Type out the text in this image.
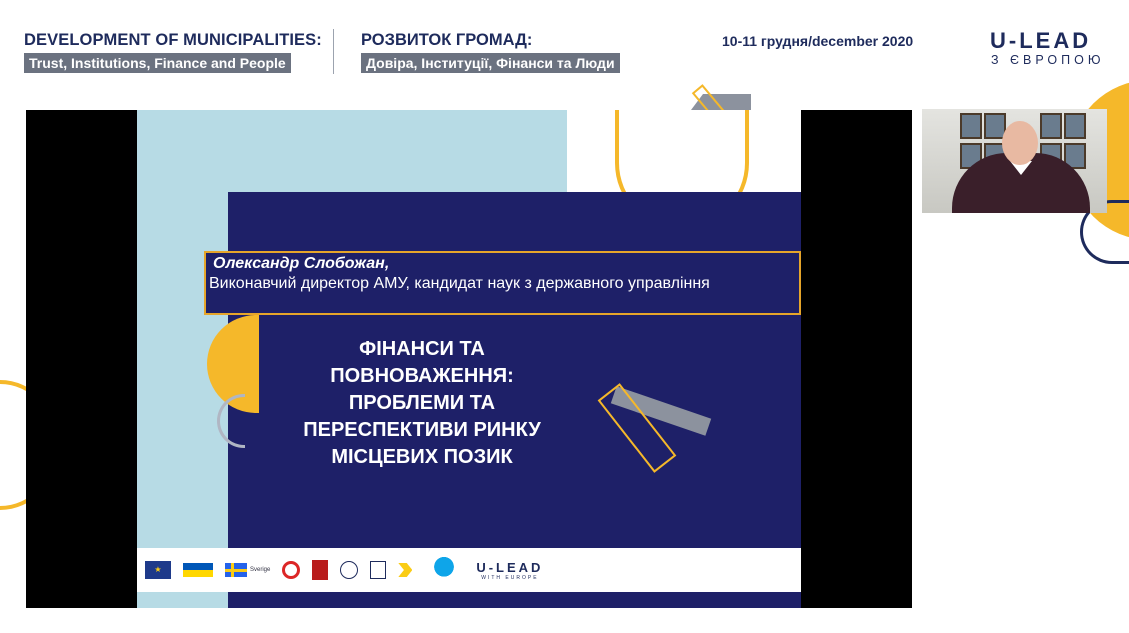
DEVELOPMENT OF MUNICIPALITIES:
Trust, Institutions, Finance and People
РОЗВИТОК ГРОМАД:
Довіра, Інституції, Фінанси та Люди
10-11 грудня/december 2020	U-LEAD
З ЄВРОПОЮ
Олександр Слобожан,
Виконавчий директор АМУ, кандидат наук з державного управління
ФІНАНСИ ТА ПОВНОВАЖЕННЯ: ПРОБЛЕМИ ТА ПЕРЕСПЕКТИВИ РИНКУ МІСЦЕВИХ ПОЗИК
★	Sverige	U-LEAD
WITH EUROPE
